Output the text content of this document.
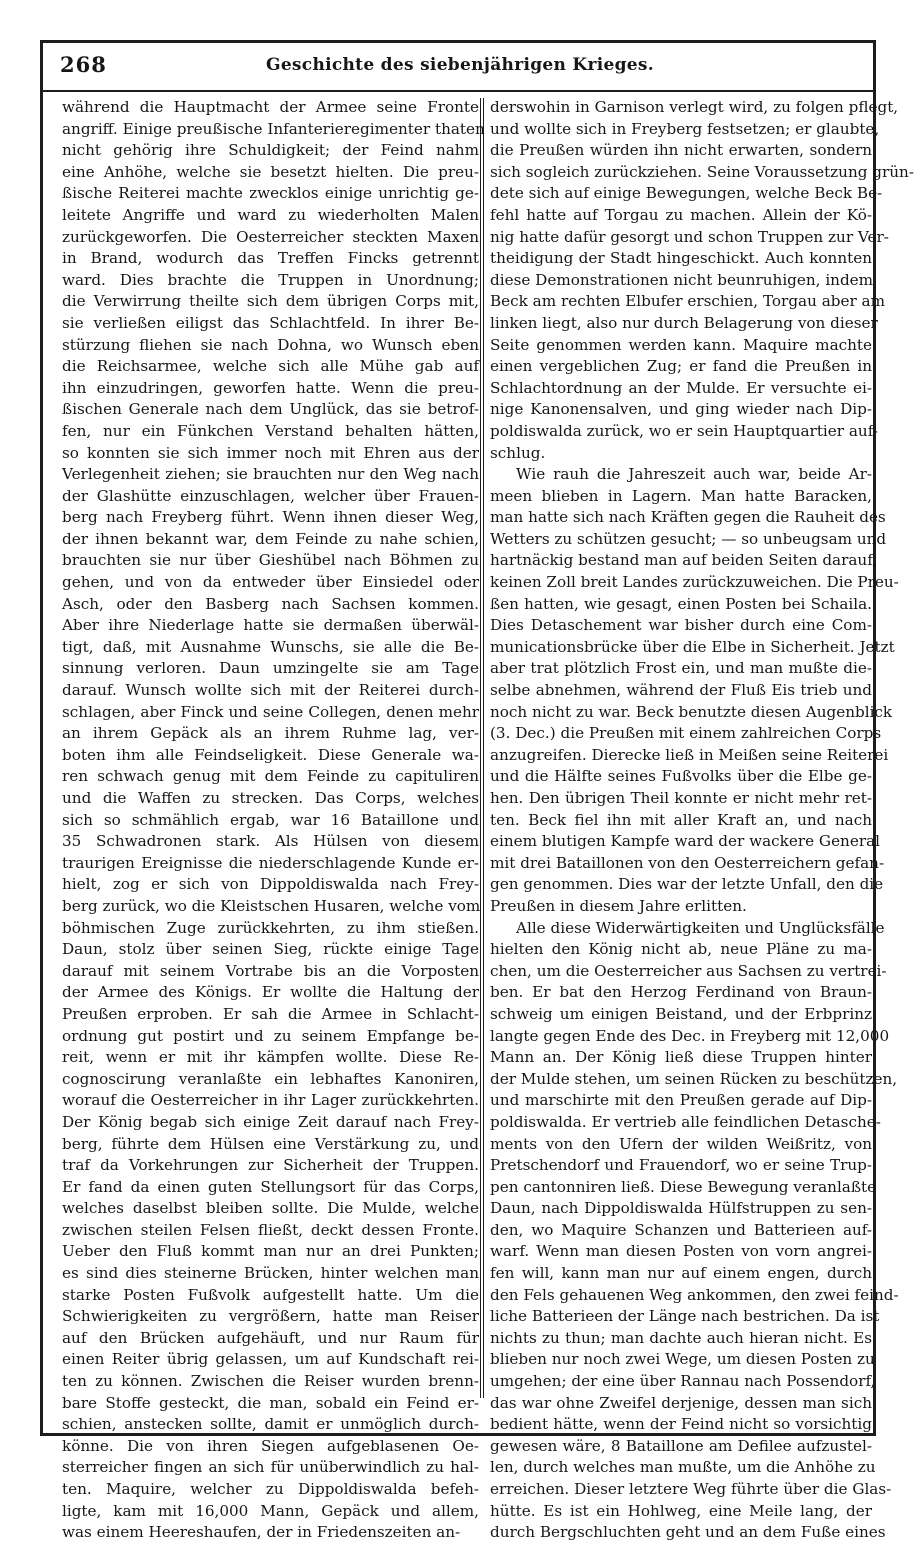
268	Geschichte des siebenjährigen Krieges.
während die Hauptmacht der Armee seine Fronte
angriff. Einige preußische Infanterieregimenter thaten
nicht gehörig ihre Schuldigkeit; der Feind nahm
eine Anhöhe, welche sie besetzt hielten. Die preu-
ßische Reiterei machte zwecklos einige unrichtig ge-
leitete Angriffe und ward zu wiederholten Malen
zurückgeworfen. Die Oesterreicher steckten Maxen
in Brand, wodurch das Treffen Fincks getrennt
ward. Dies brachte die Truppen in Unordnung;
die Verwirrung theilte sich dem übrigen Corps mit,
sie verließen eiligst das Schlachtfeld. In ihrer Be-
stürzung fliehen sie nach Dohna, wo Wunsch eben
die Reichsarmee, welche sich alle Mühe gab auf
ihn einzudringen, geworfen hatte. Wenn die preu-
ßischen Generale nach dem Unglück, das sie betrof-
fen, nur ein Fünkchen Verstand behalten hätten,
so konnten sie sich immer noch mit Ehren aus der
Verlegenheit ziehen; sie brauchten nur den Weg nach
der Glashütte einzuschlagen, welcher über Frauen-
berg nach Freyberg führt. Wenn ihnen dieser Weg,
der ihnen bekannt war, dem Feinde zu nahe schien,
brauchten sie nur über Gieshübel nach Böhmen zu
gehen, und von da entweder über Einsiedel oder
Asch, oder den Basberg nach Sachsen kommen.
Aber ihre Niederlage hatte sie dermaßen überwäl-
tigt, daß, mit Ausnahme Wunschs, sie alle die Be-
sinnung verloren. Daun umzingelte sie am Tage
darauf. Wunsch wollte sich mit der Reiterei durch-
schlagen, aber Finck und seine Collegen, denen mehr
an ihrem Gepäck als an ihrem Ruhme lag, ver-
boten ihm alle Feindseligkeit. Diese Generale wa-
ren schwach genug mit dem Feinde zu capituliren
und die Waffen zu strecken. Das Corps, welches
sich so schmählich ergab, war 16 Bataillone und
35 Schwadronen stark. Als Hülsen von diesem
traurigen Ereignisse die niederschlagende Kunde er-
hielt, zog er sich von Dippoldiswalda nach Frey-
berg zurück, wo die Kleistschen Husaren, welche vom
böhmischen Zuge zurückkehrten, zu ihm stießen.
Daun, stolz über seinen Sieg, rückte einige Tage
darauf mit seinem Vortrabe bis an die Vorposten
der Armee des Königs. Er wollte die Haltung der
Preußen erproben. Er sah die Armee in Schlacht-
ordnung gut postirt und zu seinem Empfange be-
reit, wenn er mit ihr kämpfen wollte. Diese Re-
cognoscirung veranlaßte ein lebhaftes Kanoniren,
worauf die Oesterreicher in ihr Lager zurückkehrten.
Der König begab sich einige Zeit darauf nach Frey-
berg, führte dem Hülsen eine Verstärkung zu, und
traf da Vorkehrungen zur Sicherheit der Truppen.
Er fand da einen guten Stellungsort für das Corps,
welches daselbst bleiben sollte. Die Mulde, welche
zwischen steilen Felsen fließt, deckt dessen Fronte.
Ueber den Fluß kommt man nur an drei Punkten;
es sind dies steinerne Brücken, hinter welchen man
starke Posten Fußvolk aufgestellt hatte. Um die
Schwierigkeiten zu vergrößern, hatte man Reiser
auf den Brücken aufgehäuft, und nur Raum für
einen Reiter übrig gelassen, um auf Kundschaft rei-
ten zu können. Zwischen die Reiser wurden brenn-
bare Stoffe gesteckt, die man, sobald ein Feind er-
schien, anstecken sollte, damit er unmöglich durch-
könne. Die von ihren Siegen aufgeblasenen Oe-
sterreicher fingen an sich für unüberwindlich zu hal-
ten. Maquire, welcher zu Dippoldiswalda befeh-
ligte, kam mit 16,000 Mann, Gepäck und allem,
was einem Heereshaufen, der in Friedenszeiten an-
derswohin in Garnison verlegt wird, zu folgen pflegt,
und wollte sich in Freyberg festsetzen; er glaubte,
die Preußen würden ihn nicht erwarten, sondern
sich sogleich zurückziehen. Seine Voraussetzung grün-
dete sich auf einige Bewegungen, welche Beck Be-
fehl hatte auf Torgau zu machen. Allein der Kö-
nig hatte dafür gesorgt und schon Truppen zur Ver-
theidigung der Stadt hingeschickt. Auch konnten
diese Demonstrationen nicht beunruhigen, indem
Beck am rechten Elbufer erschien, Torgau aber am
linken liegt, also nur durch Belagerung von dieser
Seite genommen werden kann. Maquire machte
einen vergeblichen Zug; er fand die Preußen in
Schlachtordnung an der Mulde. Er versuchte ei-
nige Kanonensalven, und ging wieder nach Dip-
poldiswalda zurück, wo er sein Hauptquartier auf-
schlug.
Wie rauh die Jahreszeit auch war, beide Ar-
meen blieben in Lagern. Man hatte Baracken,
man hatte sich nach Kräften gegen die Rauheit des
Wetters zu schützen gesucht; — so unbeugsam und
hartnäckig bestand man auf beiden Seiten darauf,
keinen Zoll breit Landes zurückzuweichen. Die Preu-
ßen hatten, wie gesagt, einen Posten bei Schaila.
Dies Detaschement war bisher durch eine Com-
municationsbrücke über die Elbe in Sicherheit. Jetzt
aber trat plötzlich Frost ein, und man mußte die-
selbe abnehmen, während der Fluß Eis trieb und
noch nicht zu war. Beck benutzte diesen Augenblick
(3. Dec.) die Preußen mit einem zahlreichen Corps
anzugreifen. Dierecke ließ in Meißen seine Reiterei
und die Hälfte seines Fußvolks über die Elbe ge-
hen. Den übrigen Theil konnte er nicht mehr ret-
ten. Beck fiel ihn mit aller Kraft an, und nach
einem blutigen Kampfe ward der wackere General
mit drei Bataillonen von den Oesterreichern gefan-
gen genommen. Dies war der letzte Unfall, den die
Preußen in diesem Jahre erlitten.
Alle diese Widerwärtigkeiten und Unglücksfälle
hielten den König nicht ab, neue Pläne zu ma-
chen, um die Oesterreicher aus Sachsen zu vertrei-
ben. Er bat den Herzog Ferdinand von Braun-
schweig um einigen Beistand, und der Erbprinz
langte gegen Ende des Dec. in Freyberg mit 12,000
Mann an. Der König ließ diese Truppen hinter
der Mulde stehen, um seinen Rücken zu beschützen,
und marschirte mit den Preußen gerade auf Dip-
poldiswalda. Er vertrieb alle feindlichen Detasche-
ments von den Ufern der wilden Weißritz, von
Pretschendorf und Frauendorf, wo er seine Trup-
pen cantonniren ließ. Diese Bewegung veranlaßte
Daun, nach Dippoldiswalda Hülfstruppen zu sen-
den, wo Maquire Schanzen und Batterieen auf-
warf. Wenn man diesen Posten von vorn angrei-
fen will, kann man nur auf einem engen, durch
den Fels gehauenen Weg ankommen, den zwei feind-
liche Batterieen der Länge nach bestrichen. Da ist
nichts zu thun; man dachte auch hieran nicht. Es
blieben nur noch zwei Wege, um diesen Posten zu
umgehen; der eine über Rannau nach Possendorf,
das war ohne Zweifel derjenige, dessen man sich
bedient hätte, wenn der Feind nicht so vorsichtig
gewesen wäre, 8 Bataillone am Defilee aufzustel-
len, durch welches man mußte, um die Anhöhe zu
erreichen. Dieser letztere Weg führte über die Glas-
hütte. Es ist ein Hohlweg, eine Meile lang, der
durch Bergschluchten geht und an dem Fuße eines
